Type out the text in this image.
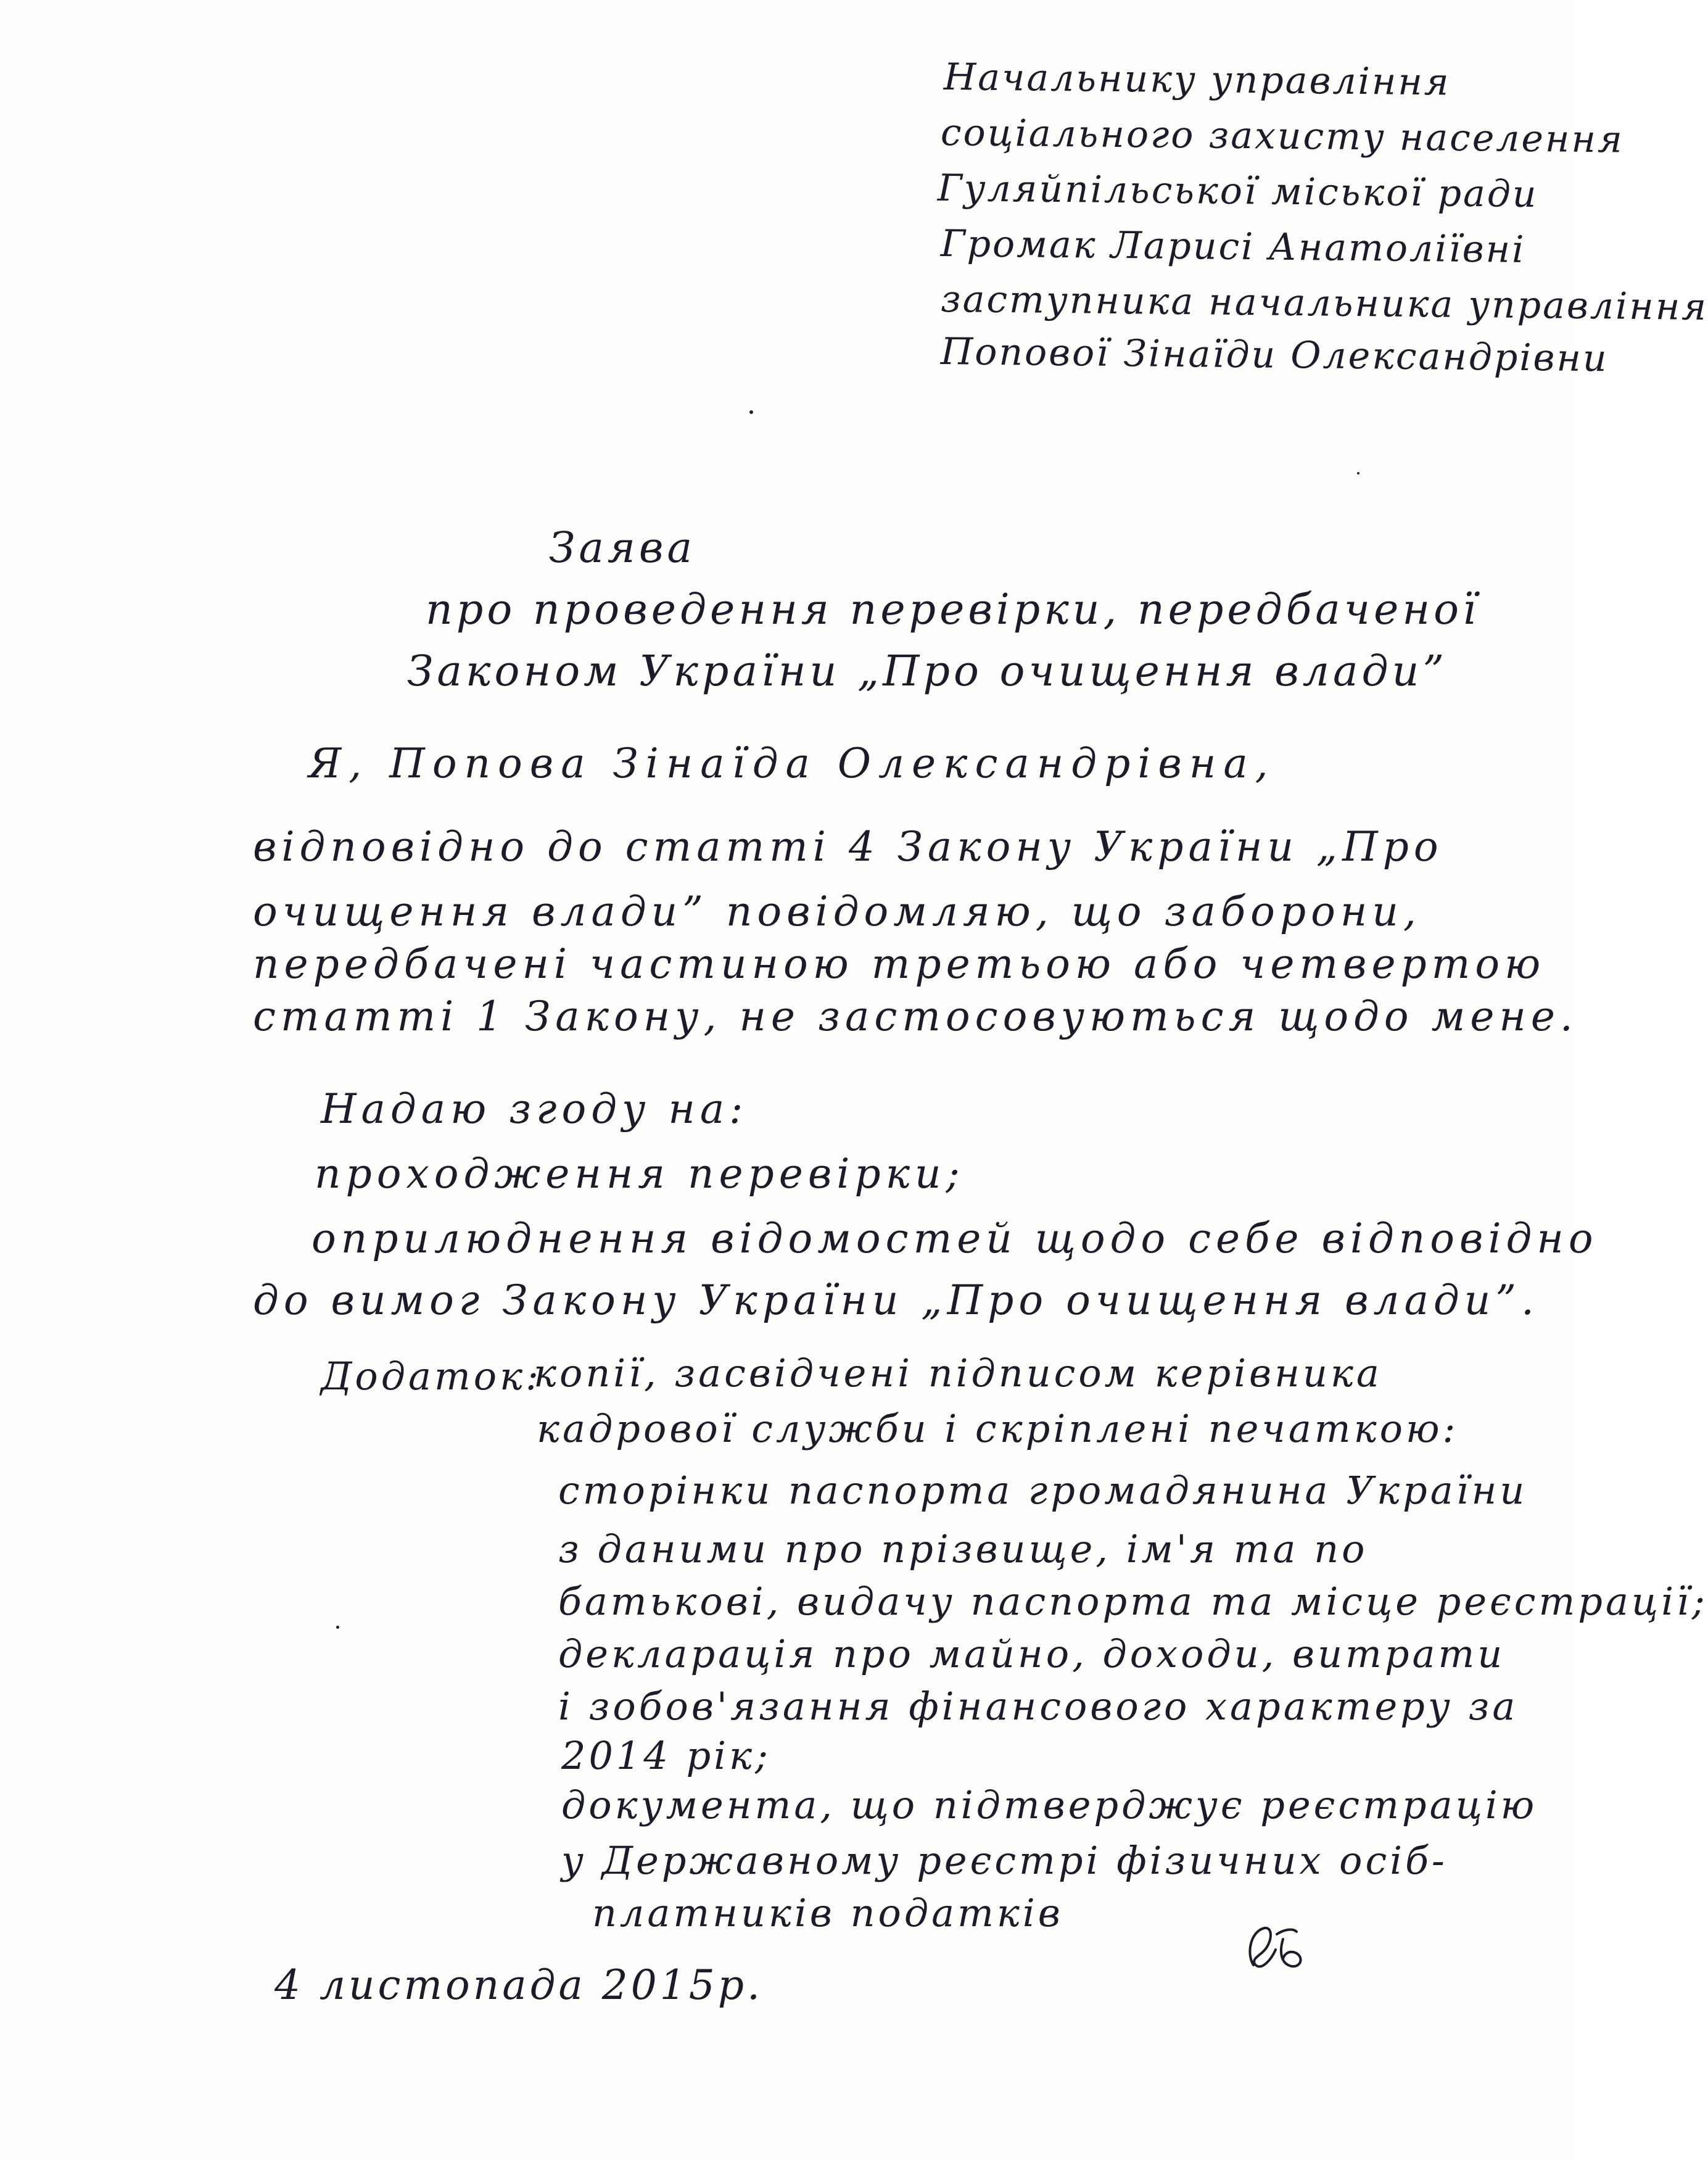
Начальнику управління
соціального захисту населення
Гуляйпільської міської ради
Громак Ларисі Анатоліївні
заступника начальника управління
Попової Зінаїди Олександрівни
Заява
про проведення перевірки, передбаченої
Законом України „Про очищення влади”
Я, Попова Зінаїда Олександрівна,
відповідно до статті 4 Закону України „Про
очищення влади” повідомляю, що заборони,
передбачені частиною третьою або четвертою
статті 1 Закону, не застосовуються щодо мене.
Надаю згоду на:
проходження перевірки;
оприлюднення відомостей щодо себе відповідно
до вимог Закону України „Про очищення влади”.
Додаток:
копії, засвідчені підписом керівника
кадрової служби і скріплені печаткою:
сторінки паспорта громадянина України
з даними про прізвище, ім'я та по
батькові, видачу паспорта та місце реєстрації;
декларація про майно, доходи, витрати
і зобов'язання фінансового характеру за
2014 рік;
документа, що підтверджує реєстрацію
у Державному реєстрі фізичних осіб-
платників податків
4 листопада 2015р.
